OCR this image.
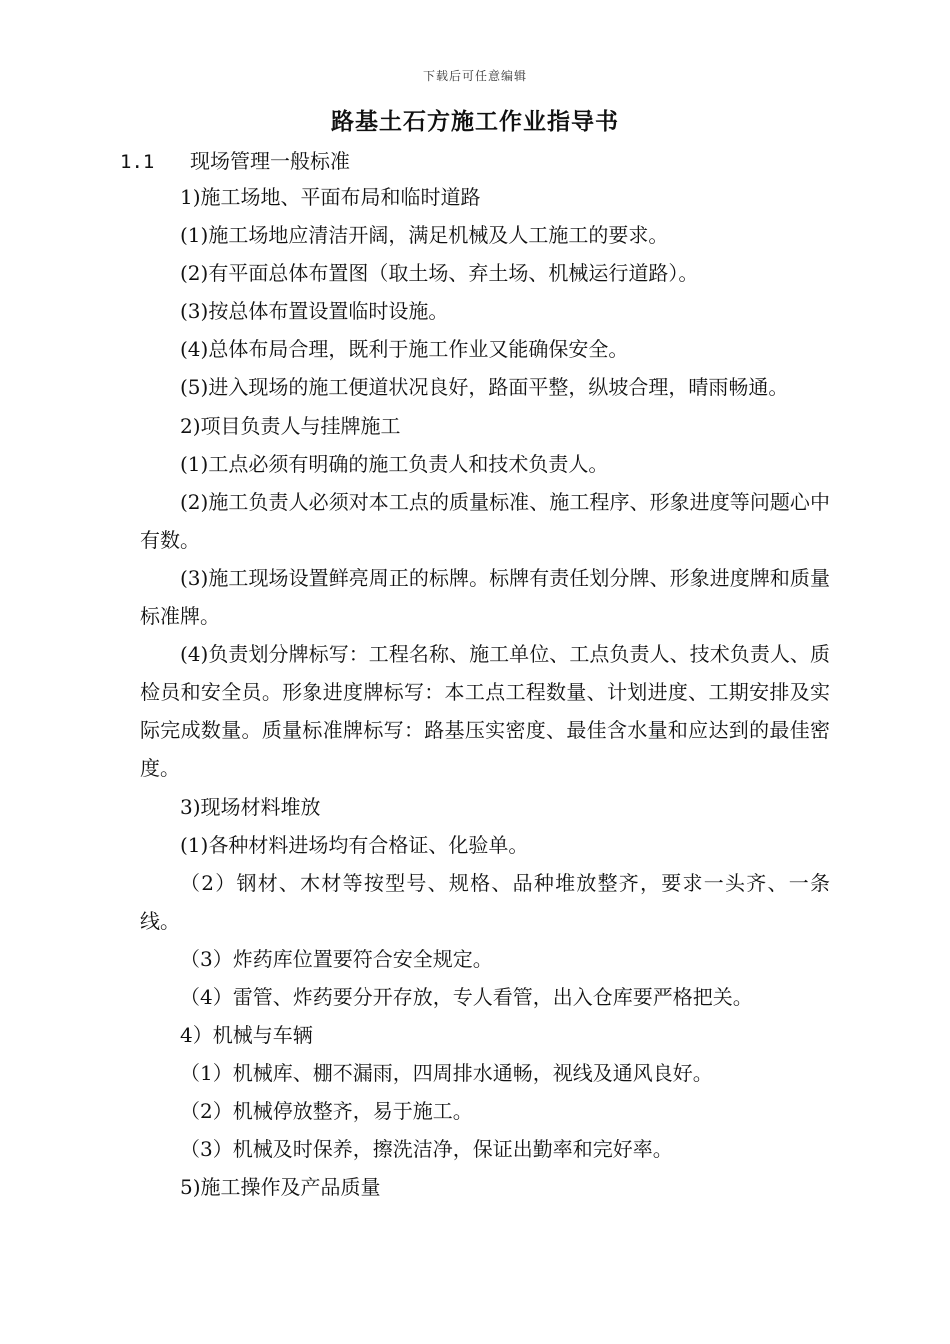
下载后可任意编辑
路基土石方施工作业指导书
1.1 现场管理一般标准

1)施工场地、平面布局和临时道路

(1)施工场地应清洁开阔，满足机械及人工施工的要求。

(2)有平面总体布置图（取土场、弃土场、机械运行道路）。

(3)按总体布置设置临时设施。

(4)总体布局合理，既利于施工作业又能确保安全。

(5)进入现场的施工便道状况良好，路面平整，纵坡合理，晴雨畅通。

2)项目负责人与挂牌施工

(1)工点必须有明确的施工负责人和技术负责人。

(2)施工负责人必须对本工点的质量标准、施工程序、形象进度等问题心中有数。

(3)施工现场设置鲜亮周正的标牌。标牌有责任划分牌、形象进度牌和质量标准牌。

(4)负责划分牌标写：工程名称、施工单位、工点负责人、技术负责人、质检员和安全员。形象进度牌标写：本工点工程数量、计划进度、工期安排及实际完成数量。质量标准牌标写：路基压实密度、最佳含水量和应达到的最佳密度。

3)现场材料堆放

(1)各种材料进场均有合格证、化验单。

（2）钢材、木材等按型号、规格、品种堆放整齐，要求一头齐、一条线。

（3）炸药库位置要符合安全规定。

（4）雷管、炸药要分开存放，专人看管，出入仓库要严格把关。

4）机械与车辆

（1）机械库、棚不漏雨，四周排水通畅，视线及通风良好。

（2）机械停放整齐，易于施工。

（3）机械及时保养，擦洗洁净，保证出勤率和完好率。

5)施工操作及产品质量
